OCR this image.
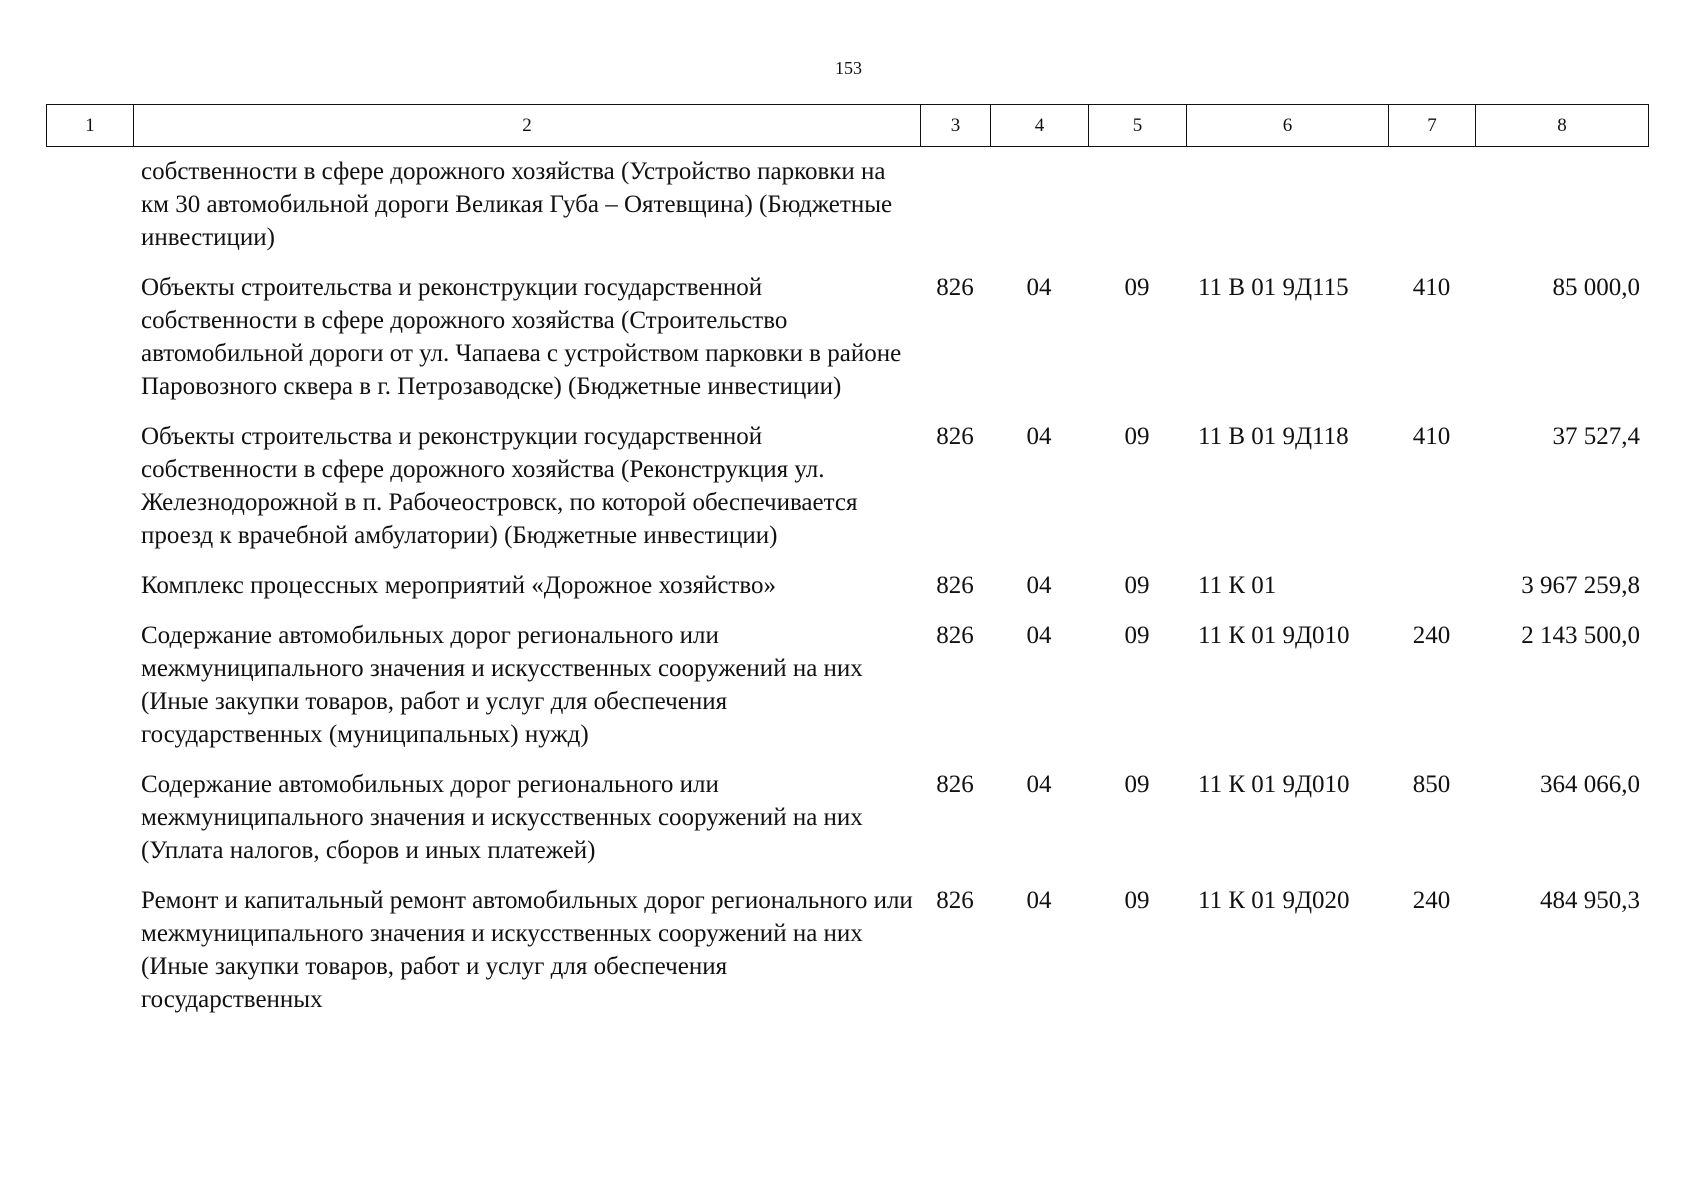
153
1	2	3	4	5	6	7	8
собственности в сфере дорожного хозяйства (Устройство парковки на км 30 автомобильной дороги Великая Губа – Оятевщина) (Бюджетные инвестиции)						
Объекты строительства и реконструкции государственной собственности в сфере дорожного хозяйства (Строительство автомобильной дороги от ул. Чапаева с устройством парковки в районе Паровозного сквера в г. Петрозаводске) (Бюджетные инвестиции)	826	04	09	11 В 01 9Д115	410	85 000,0
Объекты строительства и реконструкции государственной собственности в сфере дорожного хозяйства (Реконструкция ул. Железнодорожной в п. Рабочеостровск, по которой обеспечивается проезд к врачебной амбулатории) (Бюджетные инвестиции)	826	04	09	11 В 01 9Д118	410	37 527,4
Комплекс процессных мероприятий «Дорожное хозяйство»	826	04	09	11 К 01		3 967 259,8
Содержание автомобильных дорог регионального или межмуниципального значения и искусственных сооружений на них (Иные закупки товаров, работ и услуг для обеспечения государственных (муниципальных) нужд)	826	04	09	11 К 01 9Д010	240	2 143 500,0
Содержание автомобильных дорог регионального или межмуниципального значения и искусственных сооружений на них (Уплата налогов, сборов и иных платежей)	826	04	09	11 К 01 9Д010	850	364 066,0
Ремонт и капитальный ремонт автомобильных дорог регионального или межмуниципального значения и искусственных сооружений на них (Иные закупки товаров, работ и услуг для обеспечения государственных	826	04	09	11 К 01 9Д020	240	484 950,3
